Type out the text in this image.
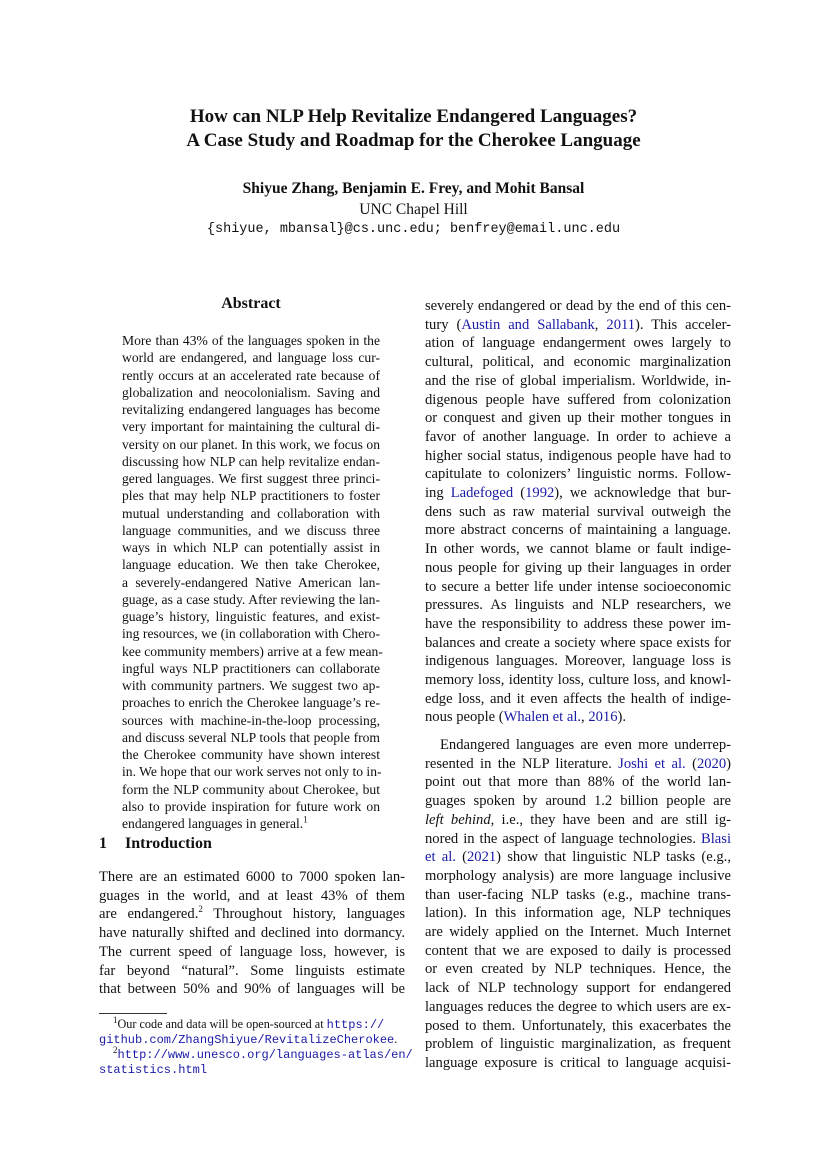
How can NLP Help Revitalize Endangered Languages?
A Case Study and Roadmap for the Cherokee Language
Shiyue Zhang, Benjamin E. Frey, and Mohit Bansal
UNC Chapel Hill
{shiyue, mbansal}@cs.unc.edu; benfrey@email.unc.edu
Abstract
More than 43% of the languages spoken in the
world are endangered, and language loss cur-
rently occurs at an accelerated rate because of
globalization and neocolonialism. Saving and
revitalizing endangered languages has become
very important for maintaining the cultural di-
versity on our planet. In this work, we focus on
discussing how NLP can help revitalize endan-
gered languages. We first suggest three princi-
ples that may help NLP practitioners to foster
mutual understanding and collaboration with
language communities, and we discuss three
ways in which NLP can potentially assist in
language education. We then take Cherokee,
a severely-endangered Native American lan-
guage, as a case study. After reviewing the lan-
guage’s history, linguistic features, and exist-
ing resources, we (in collaboration with Chero-
kee community members) arrive at a few mean-
ingful ways NLP practitioners can collaborate
with community partners. We suggest two ap-
proaches to enrich the Cherokee language’s re-
sources with machine-in-the-loop processing,
and discuss several NLP tools that people from
the Cherokee community have shown interest
in. We hope that our work serves not only to in-
form the NLP community about Cherokee, but
also to provide inspiration for future work on
endangered languages in general.$^1$
1 Introduction
There are an estimated 6000 to 7000 spoken lan-
guages in the world, and at least 43% of them
are endangered.$^2$ Throughout history, languages
have naturally shifted and declined into dormancy.
The current speed of language loss, however, is
far beyond “natural”. Some linguists estimate
that between 50% and 90% of languages will be
severely endangered or dead by the end of this cen-
tury (Austin and Sallabank, 2011). This acceler-
ation of language endangerment owes largely to
cultural, political, and economic marginalization
and the rise of global imperialism. Worldwide, in-
digenous people have suffered from colonization
or conquest and given up their mother tongues in
favor of another language. In order to achieve a
higher social status, indigenous people have had to
capitulate to colonizers’ linguistic norms. Follow-
ing Ladefoged (1992), we acknowledge that bur-
dens such as raw material survival outweigh the
more abstract concerns of maintaining a language.
In other words, we cannot blame or fault indige-
nous people for giving up their languages in order
to secure a better life under intense socioeconomic
pressures. As linguists and NLP researchers, we
have the responsibility to address these power im-
balances and create a society where space exists for
indigenous languages. Moreover, language loss is
memory loss, identity loss, culture loss, and knowl-
edge loss, and it even affects the health of indige-
nous people (Whalen et al., 2016).
Endangered languages are even more underrep-
resented in the NLP literature. Joshi et al. (2020)
point out that more than 88% of the world lan-
guages spoken by around 1.2 billion people are
left behind, i.e., they have been and are still ig-
nored in the aspect of language technologies. Blasi
et al. (2021) show that linguistic NLP tasks (e.g.,
morphology analysis) are more language inclusive
than user-facing NLP tasks (e.g., machine trans-
lation). In this information age, NLP techniques
are widely applied on the Internet. Much Internet
content that we are exposed to daily is processed
or even created by NLP techniques. Hence, the
lack of NLP technology support for endangered
languages reduces the degree to which users are ex-
posed to them. Unfortunately, this exacerbates the
problem of linguistic marginalization, as frequent
language exposure is critical to language acquisi-
$^1$Our code and data will be open-sourced at https://
github.com/ZhangShiyue/RevitalizeCherokee.
$^2$http://www.unesco.org/languages-atlas/en/
statistics.html
